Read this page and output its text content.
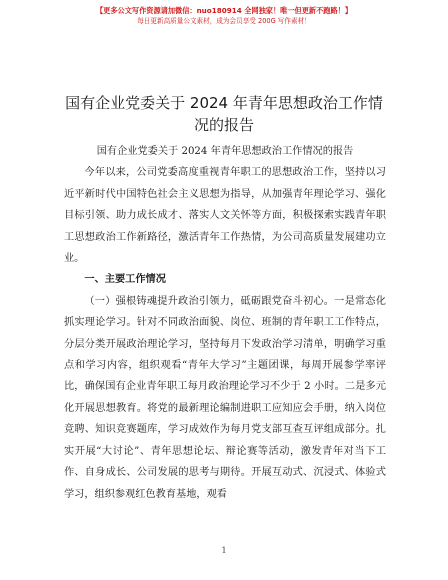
【更多公文写作资源请加微信：nuo180914 全网独家！唯一但更新不跑路！】
每日更新高质量公文素材，成为会员享受 200G 写作素材！
国有企业党委关于 2024 年青年思想政治工作情况的报告

国有企业党委关于 2024 年青年思想政治工作情况的报告

今年以来，公司党委高度重视青年职工的思想政治工作，坚持以习近平新时代中国特色社会主义思想为指导，从加强青年理论学习、强化目标引领、助力成长成才、落实人文关怀等方面，积极探索实践青年职工思想政治工作新路径，激活青年工作热情，为公司高质量发展建功立业。

一、主要工作情况

（一）强根铸魂提升政治引领力，砥砺跟党奋斗初心。一是常态化抓实理论学习。针对不同政治面貌、岗位、班制的青年职工工作特点，分层分类开展政治理论学习，坚持每月下发政治学习清单，明确学习重点和学习内容，组织观看“青年大学习”主题团课，每周开展参学率评比，确保国有企业青年职工每月政治理论学习不少于 2 小时。二是多元化开展思想教育。将党的最新理论编制进职工应知应会手册，纳入岗位竞聘、知识竞赛题库，学习成效作为每月党支部互查互评组成部分。扎实开展“大讨论”、青年思想论坛、辩论赛等活动，激发青年对当下工作、自身成长、公司发展的思考与期待。开展互动式、沉浸式、体验式学习，组织参观红色教育基地，观看

1
